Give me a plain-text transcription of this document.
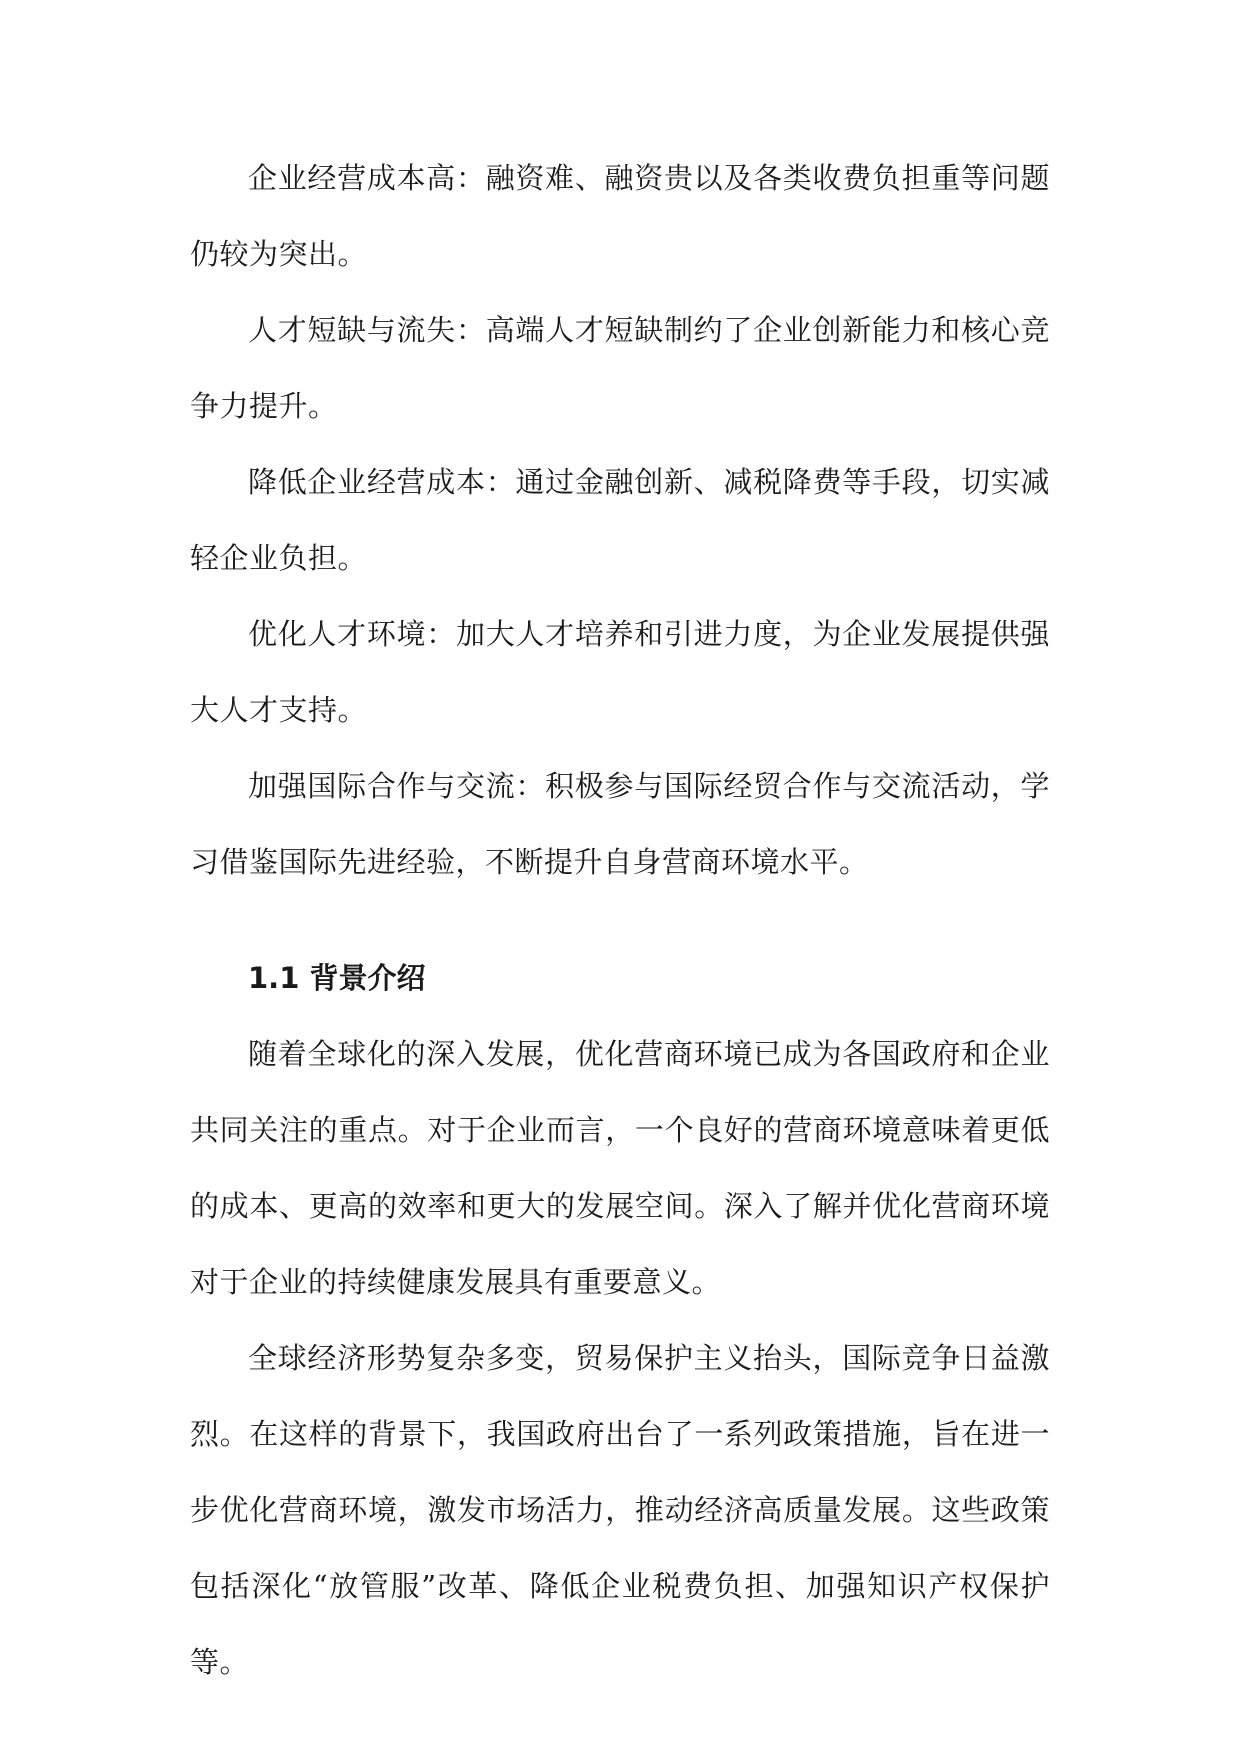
企业经营成本高：融资难、融资贵以及各类收费负担重等问题仍较为突出。

人才短缺与流失：高端人才短缺制约了企业创新能力和核心竞争力提升。

降低企业经营成本：通过金融创新、减税降费等手段，切实减轻企业负担。

优化人才环境：加大人才培养和引进力度，为企业发展提供强大人才支持。

加强国际合作与交流：积极参与国际经贸合作与交流活动，学习借鉴国际先进经验，不断提升自身营商环境水平。

1.1 背景介绍

随着全球化的深入发展，优化营商环境已成为各国政府和企业共同关注的重点。对于企业而言，一个良好的营商环境意味着更低的成本、更高的效率和更大的发展空间。深入了解并优化营商环境对于企业的持续健康发展具有重要意义。

全球经济形势复杂多变，贸易保护主义抬头，国际竞争日益激烈。在这样的背景下，我国政府出台了一系列政策措施，旨在进一步优化营商环境，激发市场活力，推动经济高质量发展。这些政策包括深化“放管服”改革、降低企业税费负担、加强知识产权保护等。
